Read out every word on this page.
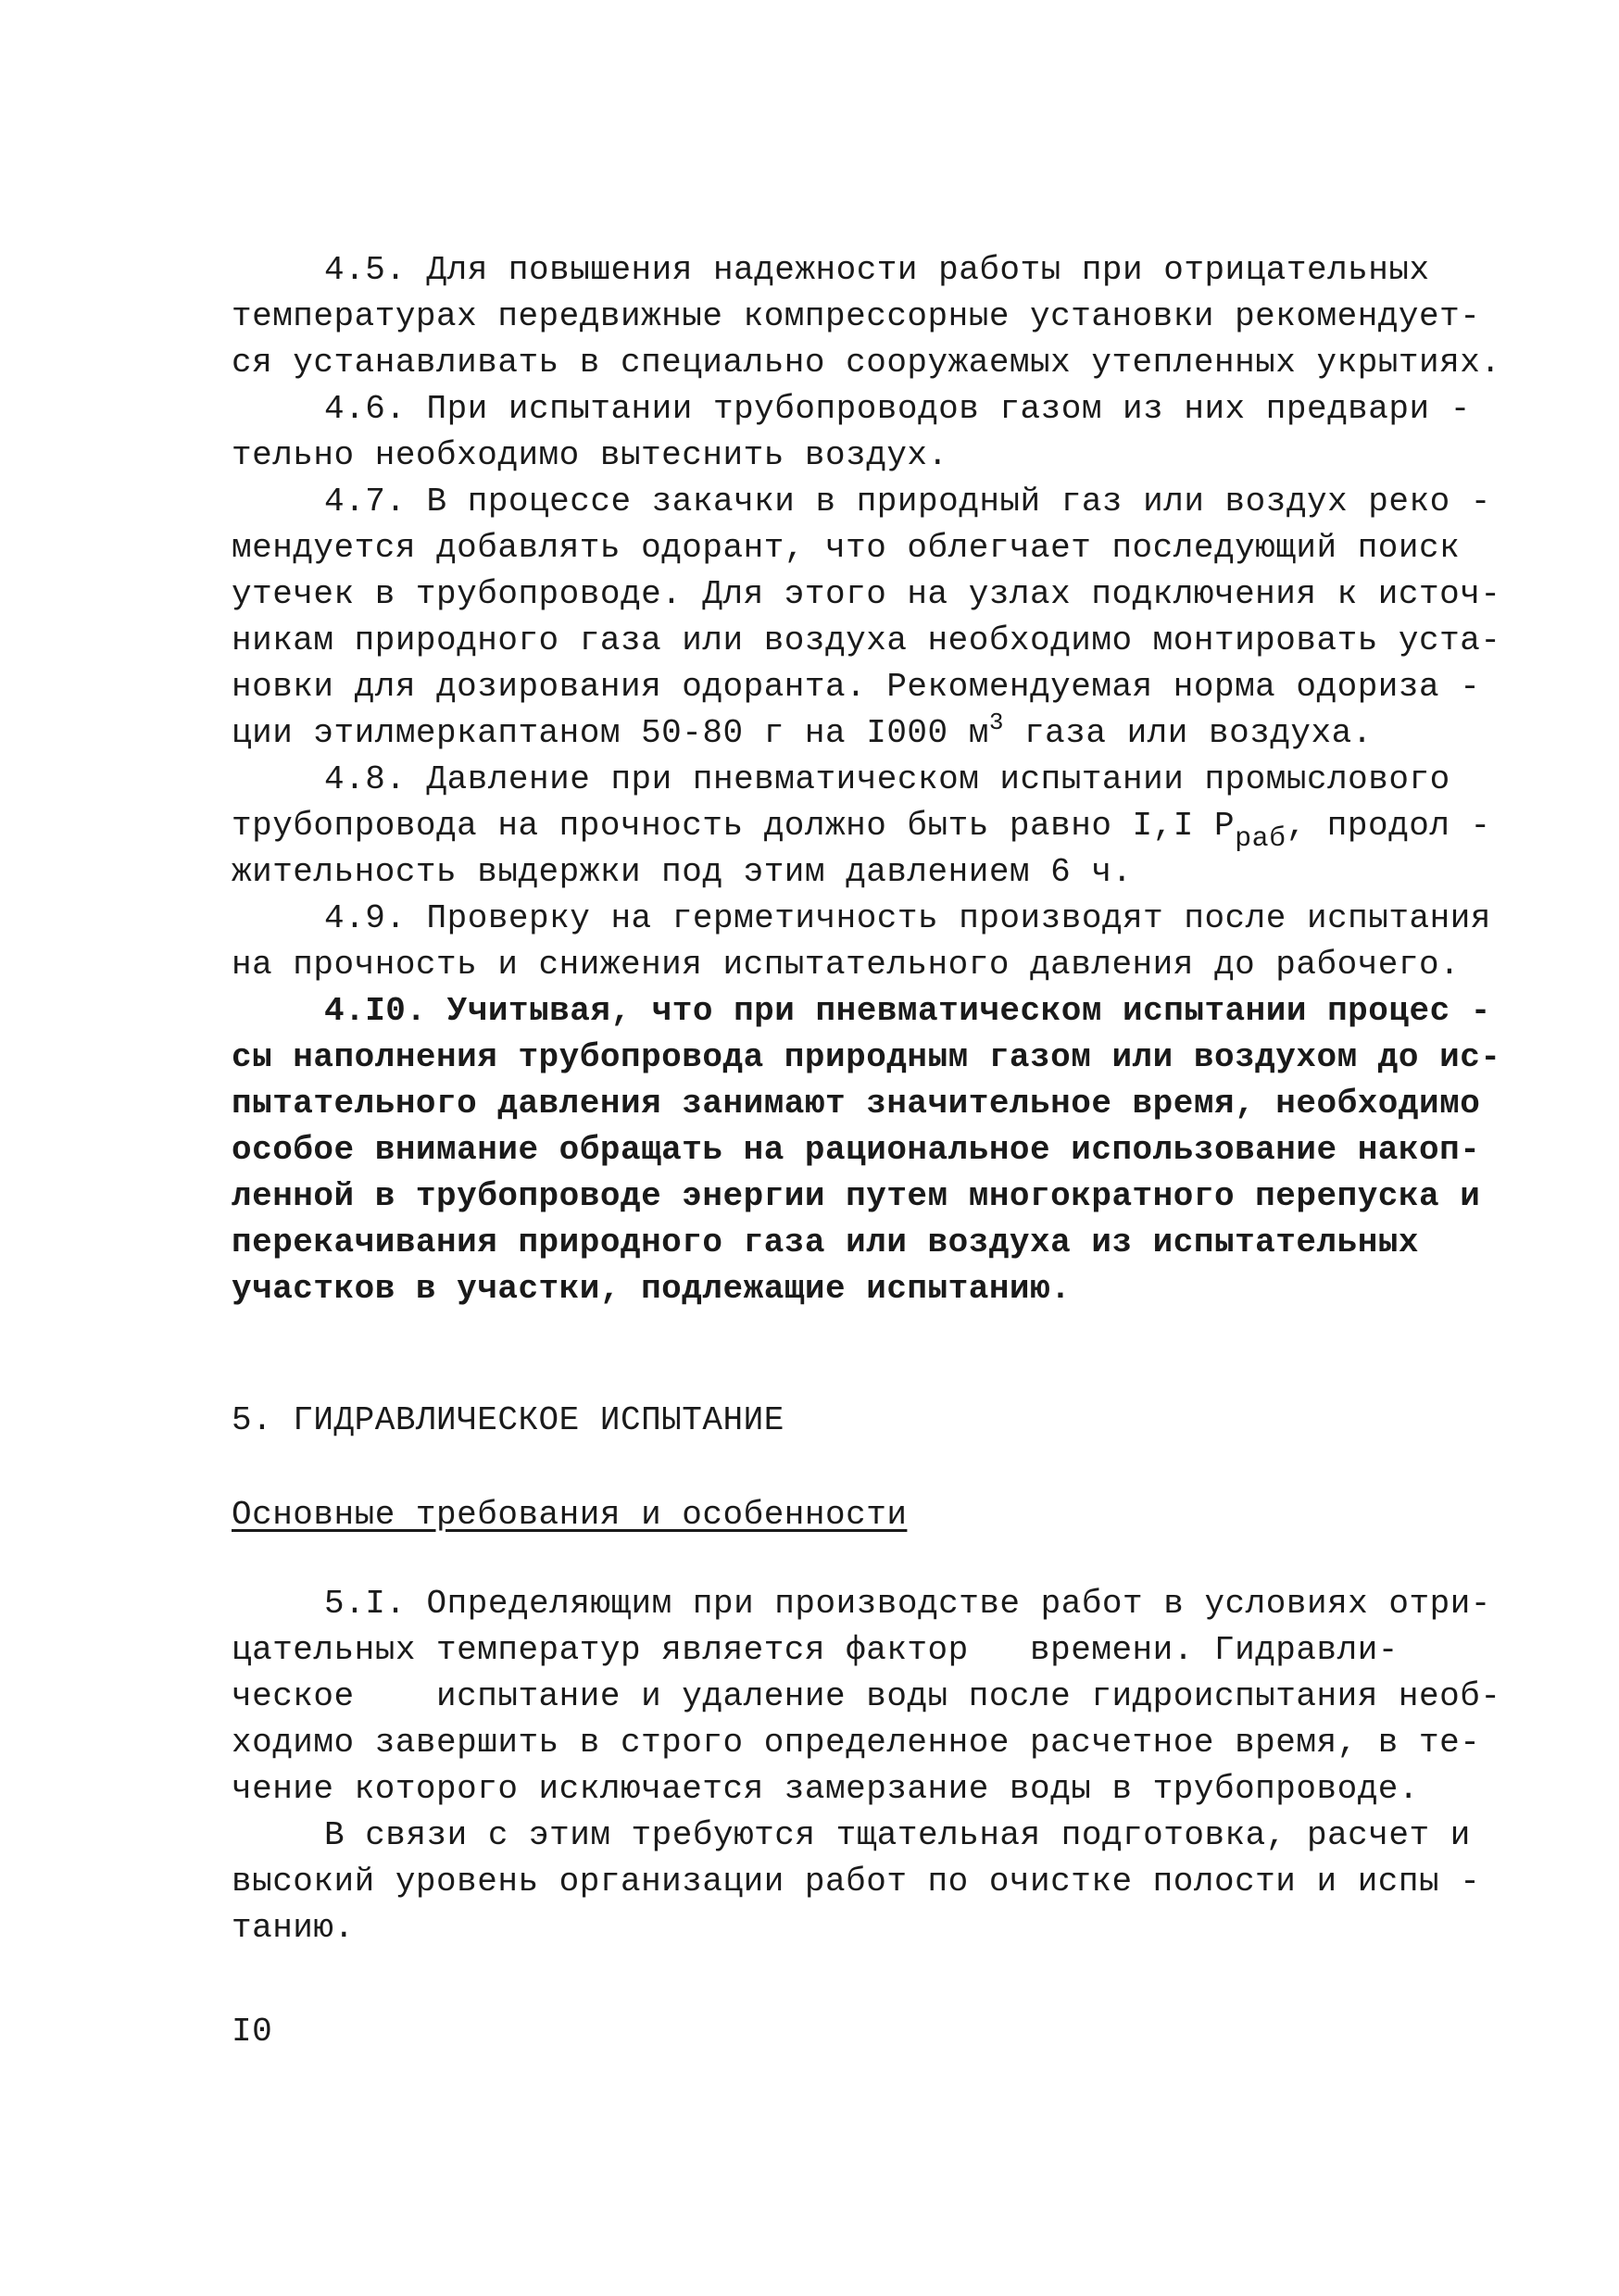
4.5. Для повышения надежности работы при отрицательных
температурах передвижные компрессорные установки рекомендует-
ся устанавливать в специально сооружаемых утепленных укрытиях.
4.6. При испытании трубопроводов газом из них предвари -
тельно необходимо вытеснить воздух.
4.7. В процессе закачки в природный газ или воздух реко -
мендуется добавлять одорант, что облегчает последующий поиск
утечек в трубопроводе. Для этого на узлах подключения к источ-
никам природного газа или воздуха необходимо монтировать уста-
новки для дозирования одоранта. Рекомендуемая норма одориза -
ции этилмеркаптаном 50-80 г на I000 $м^3$ газа или воздуха.
4.8. Давление при пневматическом испытании промыслового
трубопровода на прочность должно быть равно I,I $P_{раб}$, продол -
жительность выдержки под этим давлением 6 ч.
4.9. Проверку на герметичность производят после испытания
на прочность и снижения испытательного давления до рабочего.
4.I0. Учитывая, что при пневматическом испытании процес -
сы наполнения трубопровода природным газом или воздухом до ис-
пытательного давления занимают значительное время, необходимо
особое внимание обращать на рациональное использование накоп-
ленной в трубопроводе энергии путем многократного перепуска и
перекачивания природного газа или воздуха из испытательных
участков в участки, подлежащие испытанию.
5. ГИДРАВЛИЧЕСКОЕ ИСПЫТАНИЕ
Основные требования и особенности
5.I. Определяющим при производстве работ в условиях отри-
цательных температур является фактор   времени. Гидравли-
ческое    испытание и удаление воды после гидроиспытания необ-
ходимо завершить в строго определенное расчетное время, в те-
чение которого исключается замерзание воды в трубопроводе.
В связи с этим требуются тщательная подготовка, расчет и
высокий уровень организации работ по очистке полости и испы -
танию.
I0
